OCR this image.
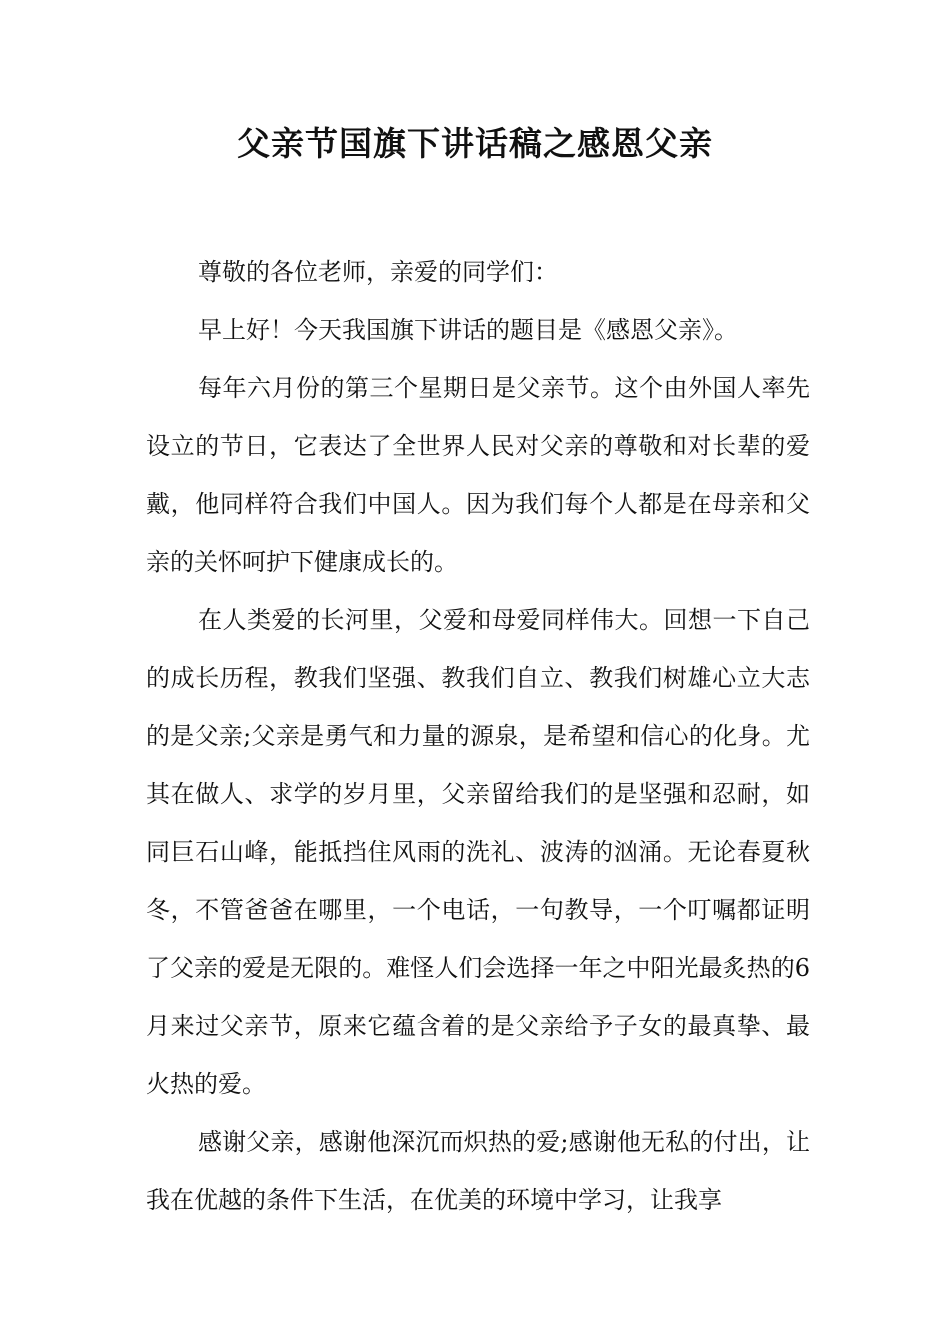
父亲节国旗下讲话稿之感恩父亲

尊敬的各位老师，亲爱的同学们：

早上好！今天我国旗下讲话的题目是《感恩父亲》。

每年六月份的第三个星期日是父亲节。这个由外国人率先设立的节日，它表达了全世界人民对父亲的尊敬和对长辈的爱戴，他同样符合我们中国人。因为我们每个人都是在母亲和父亲的关怀呵护下健康成长的。

在人类爱的长河里，父爱和母爱同样伟大。回想一下自己的成长历程，教我们坚强、教我们自立、教我们树雄心立大志的是父亲;父亲是勇气和力量的源泉，是希望和信心的化身。尤其在做人、求学的岁月里，父亲留给我们的是坚强和忍耐，如同巨石山峰，能抵挡住风雨的洗礼、波涛的汹涌。无论春夏秋冬，不管爸爸在哪里，一个电话，一句教导，一个叮嘱都证明了父亲的爱是无限的。难怪人们会选择一年之中阳光最炙热的6月来过父亲节，原来它蕴含着的是父亲给予子女的最真挚、最火热的爱。

感谢父亲，感谢他深沉而炽热的爱;感谢他无私的付出，让我在优越的条件下生活，在优美的环境中学习，让我享
